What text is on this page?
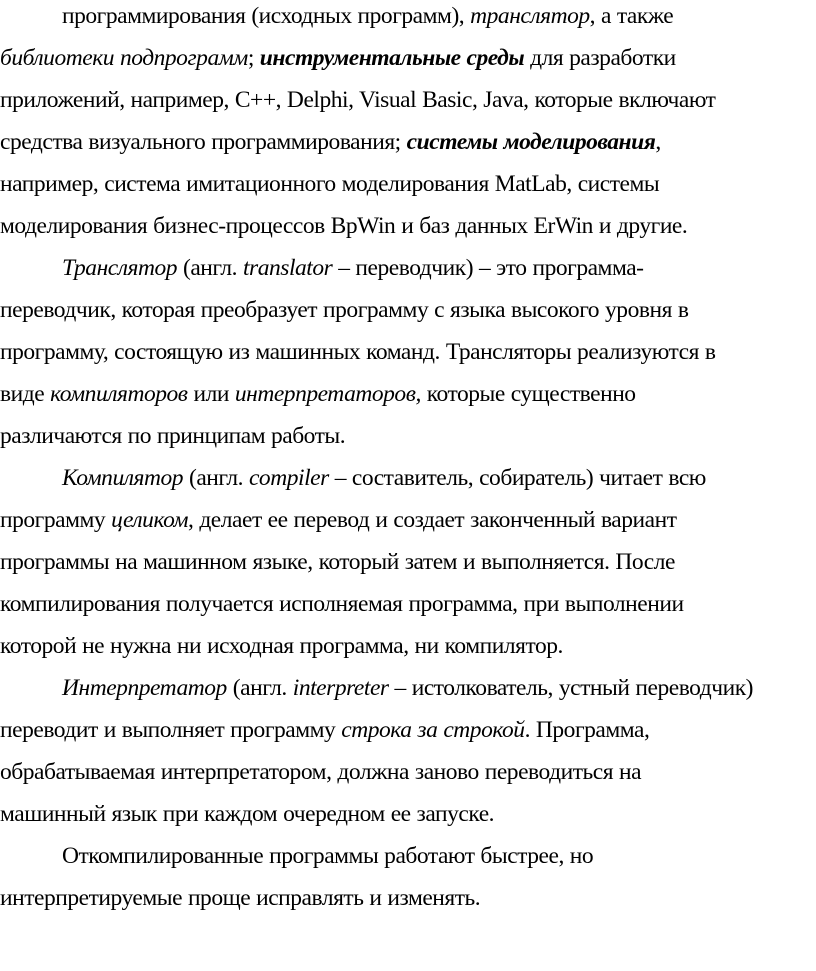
программирования (исходных программ), транслятор, а также
библиотеки подпрограмм; инструментальные среды для разработки
приложений, например, C++, Delphi, Visual Basic, Java, которые включают
средства визуального программирования; системы моделирования,
например, система имитационного моделирования MatLab, системы
моделирования бизнес-процессов BpWin и баз данных ErWin и другие.
Транслятор (англ. translator – переводчик) – это программа-
переводчик, которая преобразует программу с языка высокого уровня в
программу, состоящую из машинных команд. Трансляторы реализуются в
виде компиляторов или интерпретаторов, которые существенно
различаются по принципам работы.
Компилятор (англ. compiler – составитель, собиратель) читает всю
программу целиком, делает ее перевод и создает законченный вариант
программы на машинном языке, который затем и выполняется. После
компилирования получается исполняемая программа, при выполнении
которой не нужна ни исходная программа, ни компилятор.
Интерпретатор (англ. interpreter – истолкователь, устный переводчик)
переводит и выполняет программу строка за строкой. Программа,
обрабатываемая интерпретатором, должна заново переводиться на
машинный язык при каждом очередном ее запуске.
Откомпилированные программы работают быстрее, но
интерпретируемые проще исправлять и изменять.
